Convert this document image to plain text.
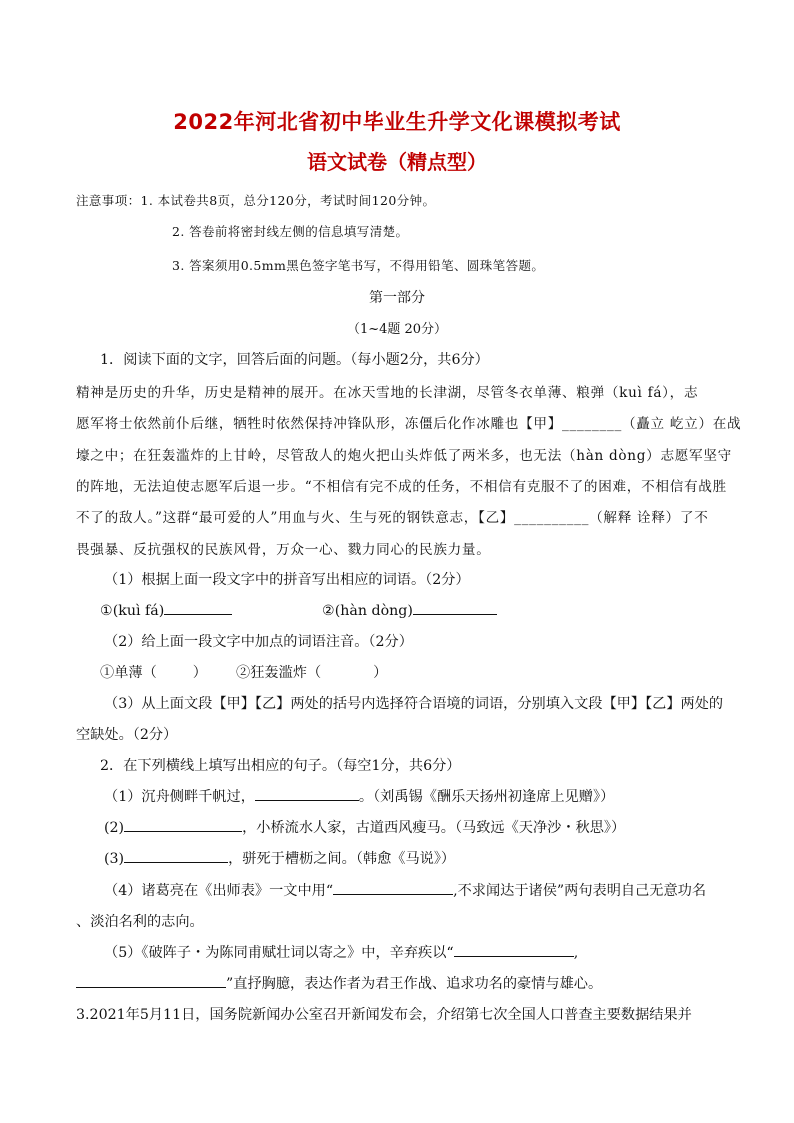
2022年河北省初中毕业生升学文化课模拟考试
语文试卷（精点型）
注意事项：1. 本试卷共8页，总分120分，考试时间120分钟。
2. 答卷前将密封线左侧的信息填写清楚。
3. 答案须用0.5mm黑色签字笔书写，不得用铅笔、圆珠笔答题。
第一部分
（1~4题 20分）
1．阅读下面的文字，回答后面的问题。（每小题2分，共6分）
精神是历史的升华，历史是精神的展开。在冰天雪地的长津湖，尽管冬衣单薄、粮弹（kuì fá），志
愿军将士依然前仆后继，牺牲时依然保持冲锋队形，冻僵后化作冰雕也【甲】________（矗立 屹立）在战
壕之中；在狂轰滥炸的上甘岭，尽管敌人的炮火把山头炸低了两米多，也无法（hàn dòng）志愿军坚守
的阵地，无法迫使志愿军后退一步。“不相信有完不成的任务，不相信有克服不了的困难，不相信有战胜
不了的敌人。”这群“最可爱的人”用血与火、生与死的钢铁意志，【乙】__________（解释 诠释）了不
畏强暴、反抗强权的民族风骨，万众一心、戮力同心的民族力量。
（1）根据上面一段文字中的拼音写出相应的词语。（2分）
①(kuì fá)	②(hàn dòng)
（2）给上面一段文字中加点的词语注音。（2分）
①单薄（	） ②狂轰滥炸（	）
（3）从上面文段【甲】【乙】两处的括号内选择符合语境的词语，分别填入文段【甲】【乙】两处的
空缺处。（2分）
2．在下列横线上填写出相应的句子。（每空1分，共6分）
（1）沉舟侧畔千帆过，	。（刘禹锡《酬乐天扬州初逢席上见赠》）
(2)	，小桥流水人家，古道西风瘦马。（马致远《天净沙・秋思》）
(3)	，骈死于槽枥之间。（韩愈《马说》）
（4）诸葛亮在《出师表》一文中用“	,不求闻达于诸侯”两句表明自己无意功名
、淡泊名利的志向。
（5）《破阵子・为陈同甫赋壮词以寄之》中，辛弃疾以“	,
”直抒胸臆，表达作者为君王作战、追求功名的豪情与雄心。
3.2021年5月11日，国务院新闻办公室召开新闻发布会，介绍第七次全国人口普查主要数据结果并
